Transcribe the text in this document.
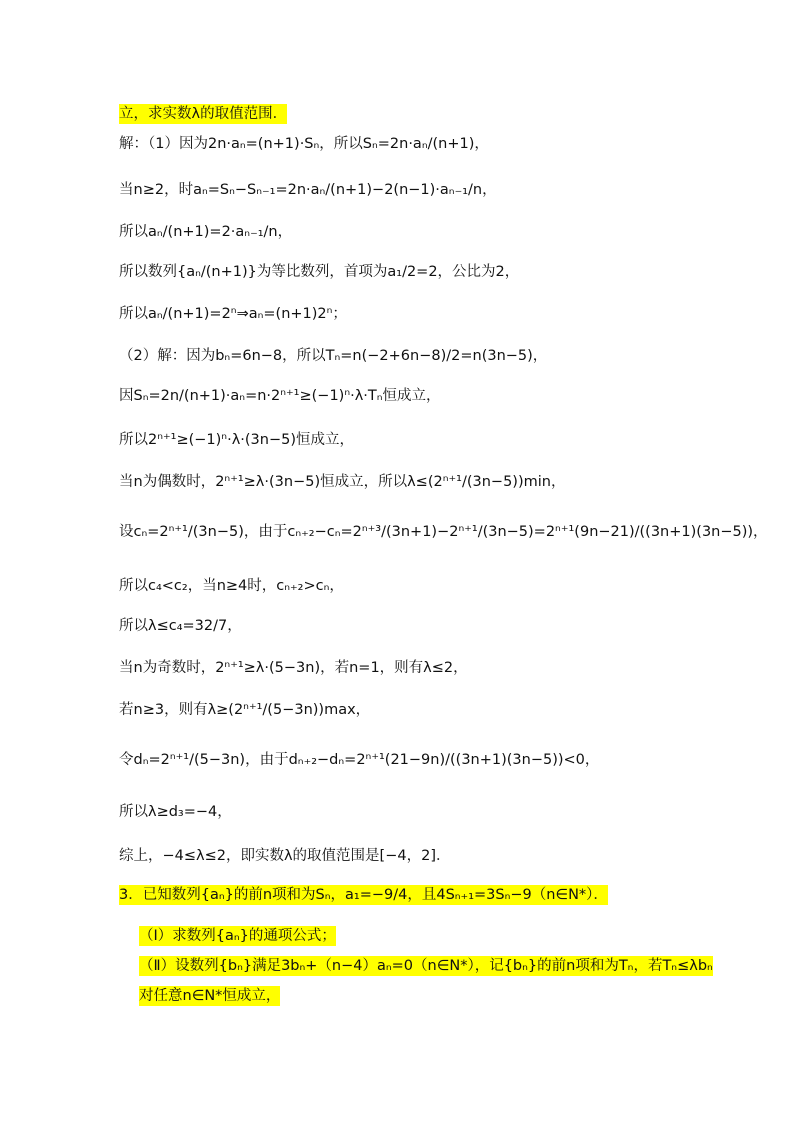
立，求实数λ的取值范围．
解：（1）因为2n·aₙ=(n+1)·Sₙ，所以Sₙ=2n·aₙ/(n+1)，
当n≥2，时aₙ=Sₙ−Sₙ₋₁=2n·aₙ/(n+1)−2(n−1)·aₙ₋₁/n，
所以aₙ/(n+1)=2·aₙ₋₁/n，
所以数列{aₙ/(n+1)}为等比数列，首项为a₁/2=2，公比为2，
所以aₙ/(n+1)=2ⁿ⇒aₙ=(n+1)2ⁿ；
（2）解：因为bₙ=6n−8，所以Tₙ=n(−2+6n−8)/2=n(3n−5)，
因Sₙ=2n/(n+1)·aₙ=n·2ⁿ⁺¹≥(−1)ⁿ·λ·Tₙ恒成立，
所以2ⁿ⁺¹≥(−1)ⁿ·λ·(3n−5)恒成立，
当n为偶数时，2ⁿ⁺¹≥λ·(3n−5)恒成立，所以λ≤(2ⁿ⁺¹/(3n−5))min，
设cₙ=2ⁿ⁺¹/(3n−5)，由于cₙ₊₂−cₙ=2ⁿ⁺³/(3n+1)−2ⁿ⁺¹/(3n−5)=2ⁿ⁺¹(9n−21)/((3n+1)(3n−5))，
所以c₄<c₂，当n≥4时，cₙ₊₂>cₙ，
所以λ≤c₄=32/7，
当n为奇数时，2ⁿ⁺¹≥λ·(5−3n)，若n=1，则有λ≤2，
若n≥3，则有λ≥(2ⁿ⁺¹/(5−3n))max，
令dₙ=2ⁿ⁺¹/(5−3n)，由于dₙ₊₂−dₙ=2ⁿ⁺¹(21−9n)/((3n+1)(3n−5))<0，
所以λ≥d₃=−4，
综上，−4≤λ≤2，即实数λ的取值范围是[−4，2]．
3．已知数列{aₙ}的前n项和为Sₙ，a₁=−9/4，且4Sₙ₊₁=3Sₙ−9（n∈N*）．
（Ⅰ）求数列{aₙ}的通项公式；
（Ⅱ）设数列{bₙ}满足3bₙ+（n−4）aₙ=0（n∈N*），记{bₙ}的前n项和为Tₙ，若Tₙ≤λbₙ
对任意n∈N*恒成立，
